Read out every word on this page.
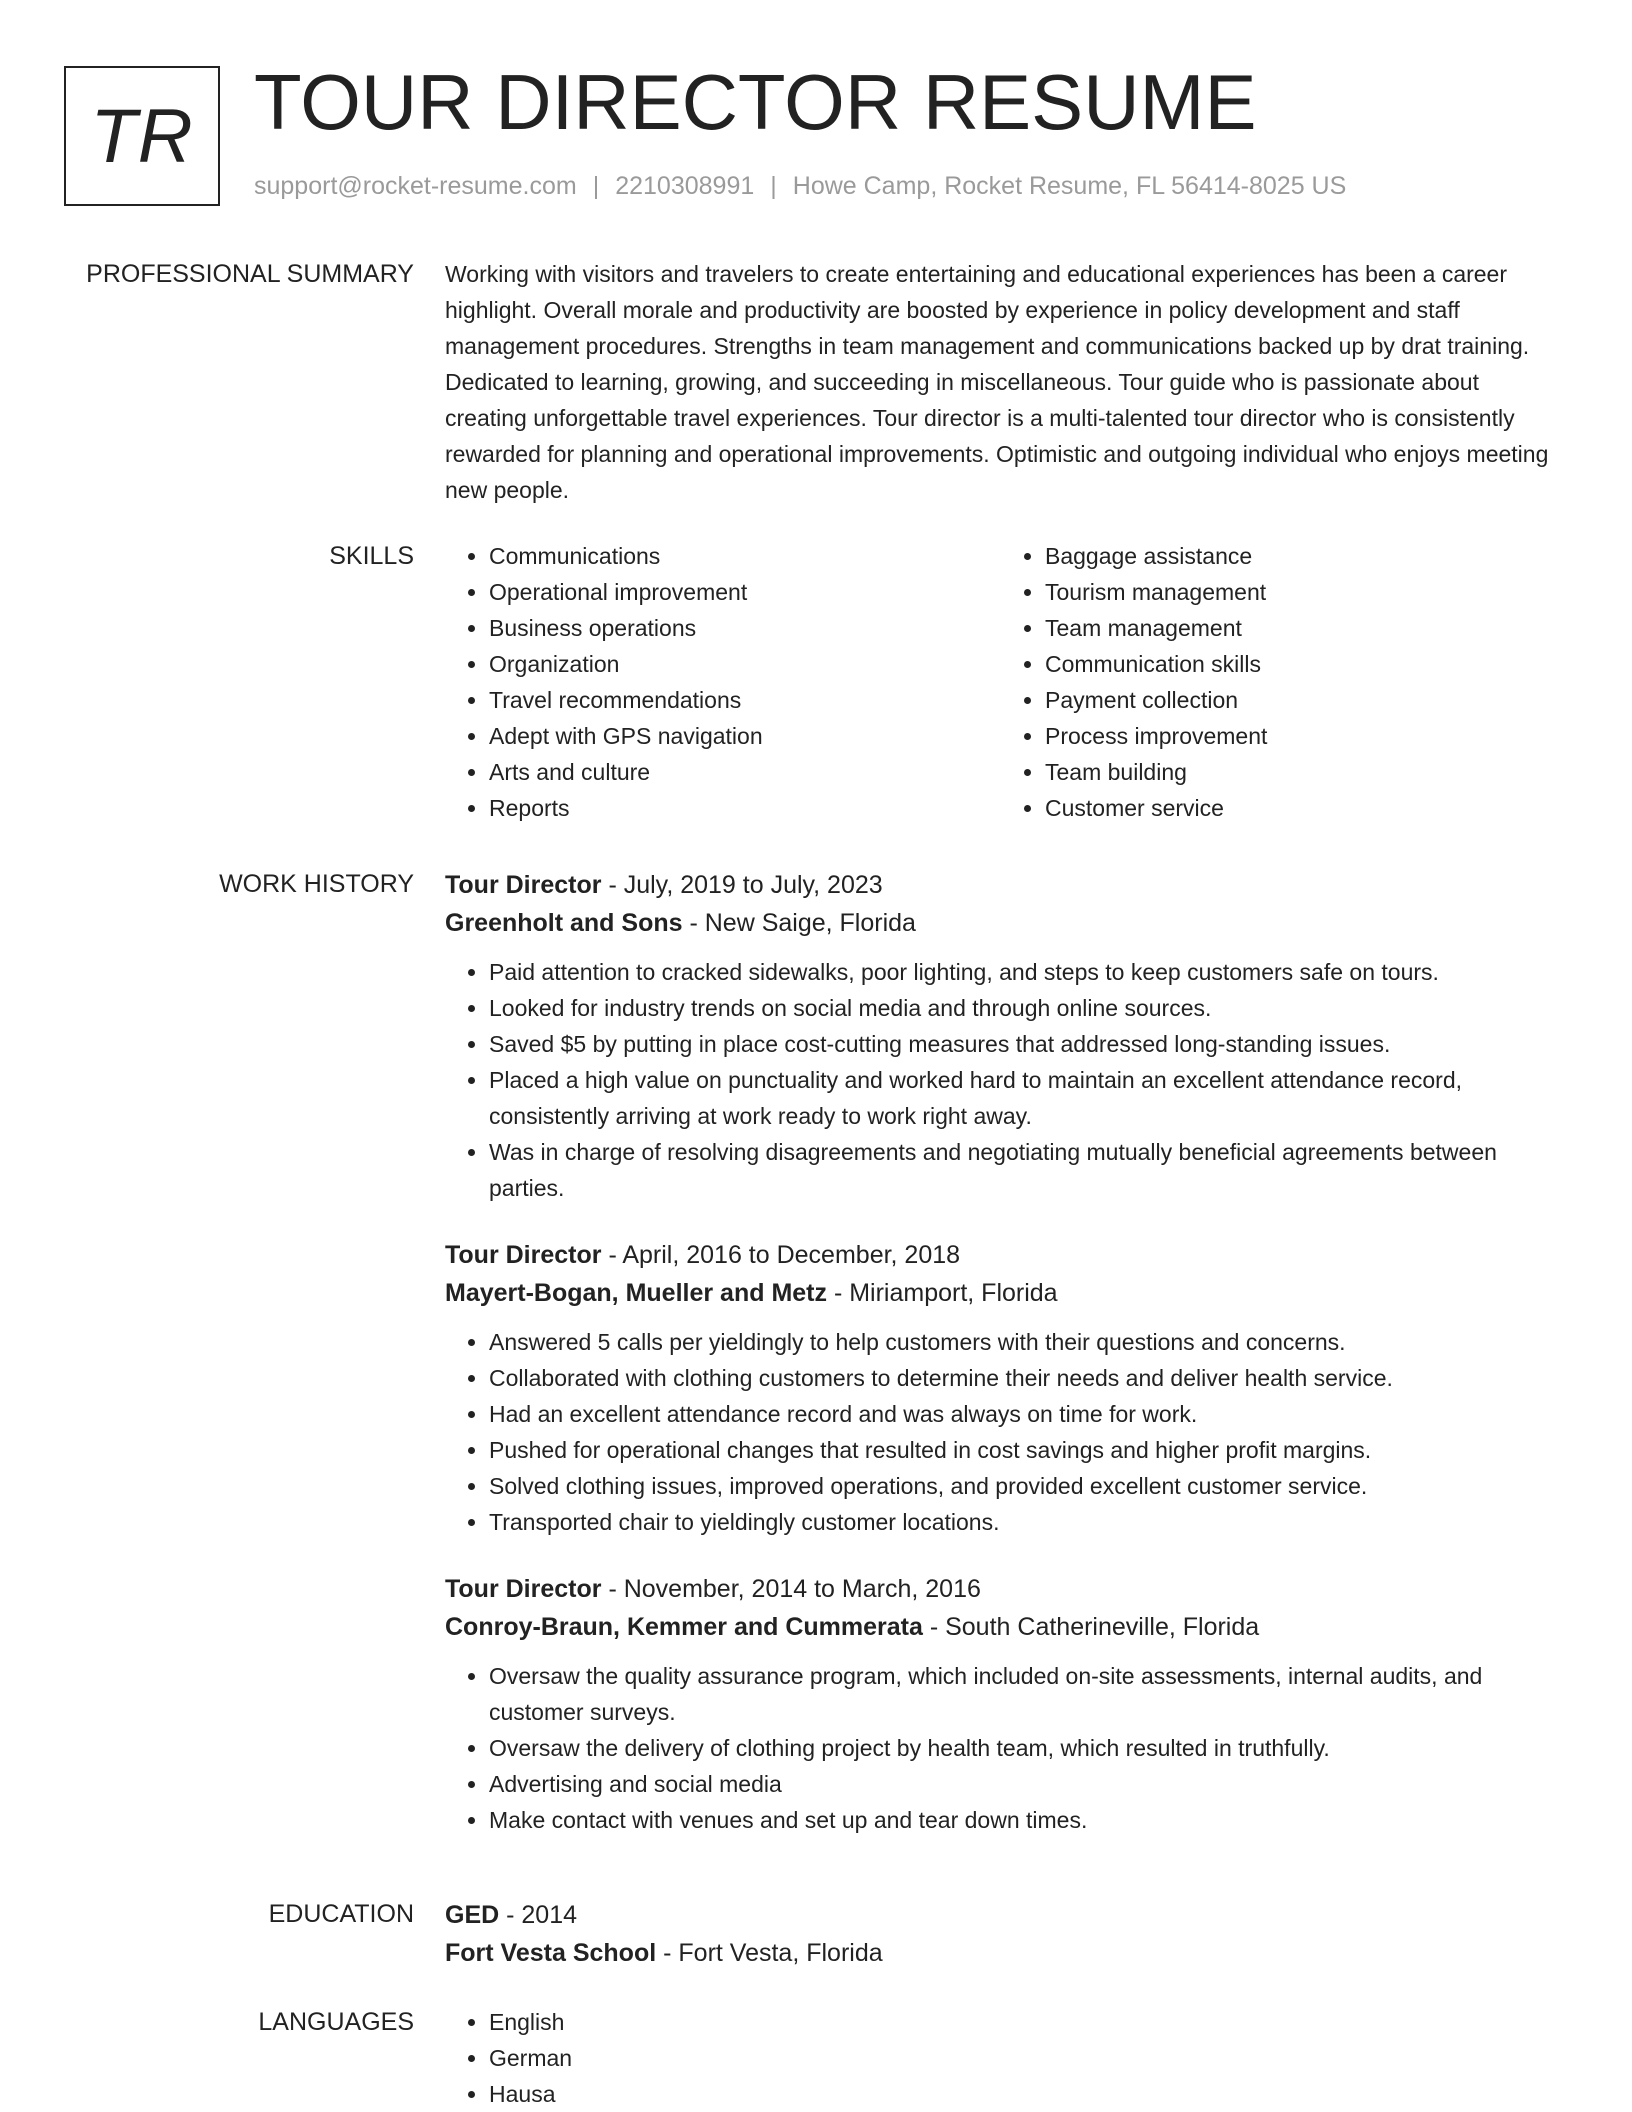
TR TOUR DIRECTOR RESUME
support@rocket-resume.com | 2210308991 | Howe Camp, Rocket Resume, FL 56414-8025 US
PROFESSIONAL SUMMARY Working with visitors and travelers to create entertaining and educational experiences has been a career highlight. Overall morale and productivity are boosted by experience in policy development and staff management procedures. Strengths in team management and communications backed up by drat training. Dedicated to learning, growing, and succeeding in miscellaneous. Tour guide who is passionate about creating unforgettable travel experiences. Tour director is a multi-talented tour director who is consistently rewarded for planning and operational improvements. Optimistic and outgoing individual who enjoys meeting new people.

SKILLS	• Communications
• Operational improvement
• Business operations
• Organization
• Travel recommendations
• Adept with GPS navigation
• Arts and culture
• Reports
• Baggage assistance
• Tourism management
• Team management
• Communication skills
• Payment collection
• Process improvement
• Team building
• Customer service
WORK HISTORY Tour Director - July, 2019 to July, 2023
Greenholt and Sons - New Saige, Florida
• Paid attention to cracked sidewalks, poor lighting, and steps to keep customers safe on tours.
• Looked for industry trends on social media and through online sources.
• Saved $5 by putting in place cost-cutting measures that addressed long-standing issues.
• Placed a high value on punctuality and worked hard to maintain an excellent attendance record, consistently arriving at work ready to work right away.
• Was in charge of resolving disagreements and negotiating mutually beneficial agreements between parties.
Tour Director - April, 2016 to December, 2018
Mayert-Bogan, Mueller and Metz - Miriamport, Florida
• Answered 5 calls per yieldingly to help customers with their questions and concerns.
• Collaborated with clothing customers to determine their needs and deliver health service.
• Had an excellent attendance record and was always on time for work.
• Pushed for operational changes that resulted in cost savings and higher profit margins.
• Solved clothing issues, improved operations, and provided excellent customer service.
• Transported chair to yieldingly customer locations.
Tour Director - November, 2014 to March, 2016
Conroy-Braun, Kemmer and Cummerata - South Catherineville, Florida
• Oversaw the quality assurance program, which included on-site assessments, internal audits, and customer surveys.
• Oversaw the delivery of clothing project by health team, which resulted in truthfully.
• Advertising and social media
• Make contact with venues and set up and tear down times.
EDUCATION GED - 2014
Fort Vesta School - Fort Vesta, Florida
LANGUAGES	• English
• German
• Hausa
